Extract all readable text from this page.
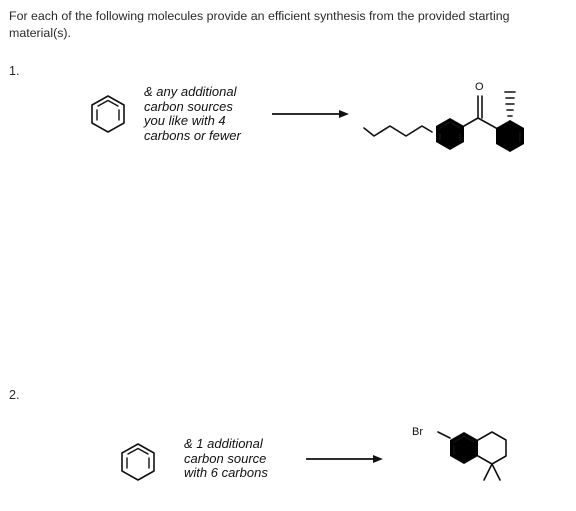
For each of the following molecules provide an efficient synthesis from the provided starting material(s).
1.
& any additional
carbon sources
you like with 4
carbons or fewer
O
2.
& 1 additional
carbon source
with 6 carbons
Br
